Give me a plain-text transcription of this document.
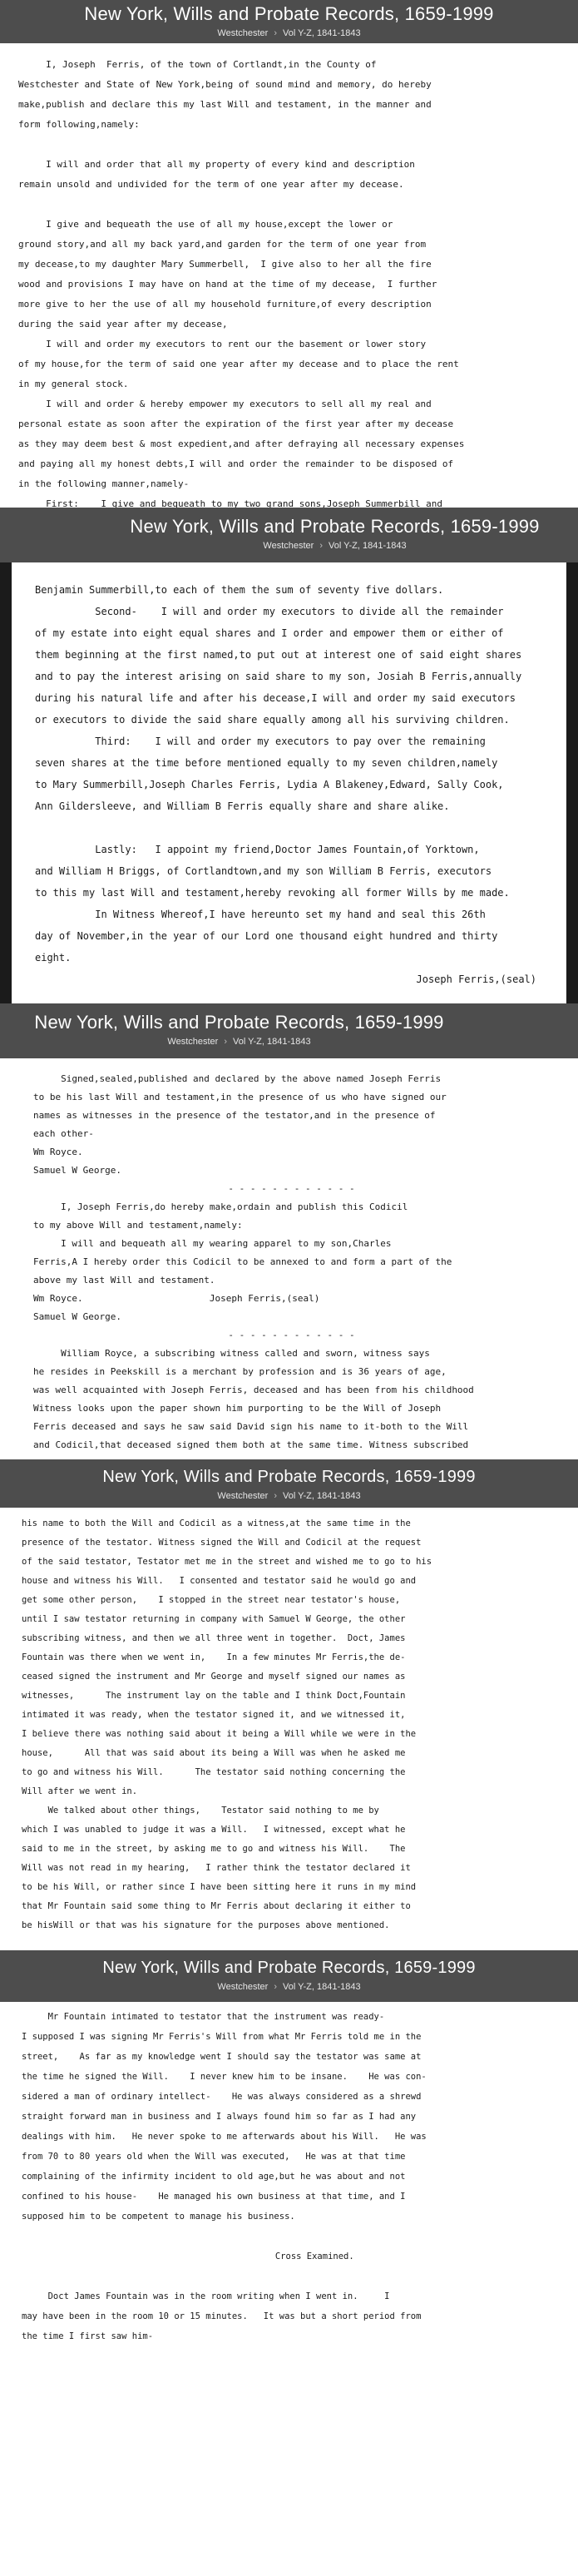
New York, Wills and Probate Records, 1659-1999
Westchester › Vol Y-Z, 1841-1843
I, Joseph  Ferris, of the town of Cortlandt,in the County of
Westchester and State of New York,being of sound mind and memory, do hereby
make,publish and declare this my last Will and testament, in the manner and
form following,namely:

I will and order that all my property of every kind and description
remain unsold and undivided for the term of one year after my decease.

I give and bequeath the use of all my house,except the lower or
ground story,and all my back yard,and garden for the term of one year from
my decease,to my daughter Mary Summerbell,  I give also to her all the fire
wood and provisions I may have on hand at the time of my decease,  I further
more give to her the use of all my household furniture,of every description
during the said year after my decease,
I will and order my executors to rent our the basement or lower story
of my house,for the term of said one year after my decease and to place the rent
in my general stock.
I will and order & hereby empower my executors to sell all my real and
personal estate as soon after the expiration of the first year after my decease
as they may deem best & most expedient,and after defraying all necessary expenses
and paying all my honest debts,I will and order the remainder to be disposed of
in the following manner,namely-
First:    I give and bequeath to my two grand sons,Joseph Summerbill and
New York, Wills and Probate Records, 1659-1999
Westchester › Vol Y-Z, 1841-1843
Benjamin Summerbill,to each of them the sum of seventy five dollars.
Second-    I will and order my executors to divide all the remainder
of my estate into eight equal shares and I order and empower them or either of
them beginning at the first named,to put out at interest one of said eight shares
and to pay the interest arising on said share to my son, Josiah B Ferris,annually
during his natural life and after his decease,I will and order my said executors
or executors to divide the said share equally among all his surviving children.
Third:    I will and order my executors to pay over the remaining
seven shares at the time before mentioned equally to my seven children,namely
to Mary Summerbill,Joseph Charles Ferris, Lydia A Blakeney,Edward, Sally Cook,
Ann Gildersleeve, and William B Ferris equally share and share alike.

Lastly:   I appoint my friend,Doctor James Fountain,of Yorktown,
and William H Briggs, of Cortlandtown,and my son William B Ferris, executors
to this my last Will and testament,hereby revoking all former Wills by me made.
In Witness Whereof,I have hereunto set my hand and seal this 26th
day of November,in the year of our Lord one thousand eight hundred and thirty
eight.
Joseph Ferris,(seal)
New York, Wills and Probate Records, 1659-1999
Westchester › Vol Y-Z, 1841-1843
Signed,sealed,published and declared by the above named Joseph Ferris
to be his last Will and testament,in the presence of us who have signed our
names as witnesses in the presence of the testator,and in the presence of
each other-
Wm Royce.
Samuel W George.
- - - - - - - - - - - -
I, Joseph Ferris,do hereby make,ordain and publish this Codicil
to my above Will and testament,namely:
I will and bequeath all my wearing apparel to my son,Charles
Ferris,A I hereby order this Codicil to be annexed to and form a part of the
above my last Will and testament.
Wm Royce.                       Joseph Ferris,(seal)
Samuel W George.
- - - - - - - - - - - -
William Royce, a subscribing witness called and sworn, witness says
he resides in Peekskill is a merchant by profession and is 36 years of age,
was well acquainted with Joseph Ferris, deceased and has been from his childhood
Witness looks upon the paper shown him purporting to be the Will of Joseph
Ferris deceased and says he saw said David sign his name to it-both to the Will
and Codicil,that deceased signed them both at the same time. Witness subscribed
New York, Wills and Probate Records, 1659-1999
Westchester › Vol Y-Z, 1841-1843
his name to both the Will and Codicil as a witness,at the same time in the
presence of the testator. Witness signed the Will and Codicil at the request
of the said testator, Testator met me in the street and wished me to go to his
house and witness his Will.   I consented and testator said he would go and
get some other person,    I stopped in the street near testator's house,
until I saw testator returning in company with Samuel W George, the other
subscribing witness, and then we all three went in together.  Doct, James
Fountain was there when we went in,    In a few minutes Mr Ferris,the de-
ceased signed the instrument and Mr George and myself signed our names as
witnesses,      The instrument lay on the table and I think Doct,Fountain
intimated it was ready, when the testator signed it, and we witnessed it,
I believe there was nothing said about it being a Will while we were in the
house,      All that was said about its being a Will was when he asked me
to go and witness his Will.      The testator said nothing concerning the
Will after we went in.
We talked about other things,    Testator said nothing to me by
which I was unabled to judge it was a Will.   I witnessed, except what he
said to me in the street, by asking me to go and witness his Will.    The
Will was not read in my hearing,   I rather think the testator declared it
to be his Will, or rather since I have been sitting here it runs in my mind
that Mr Fountain said some thing to Mr Ferris about declaring it either to
be hisWill or that was his signature for the purposes above mentioned.
New York, Wills and Probate Records, 1659-1999
Westchester › Vol Y-Z, 1841-1843
Mr Fountain intimated to testator that the instrument was ready-
I supposed I was signing Mr Ferris's Will from what Mr Ferris told me in the
street,    As far as my knowledge went I should say the testator was same at
the time he signed the Will.    I never knew him to be insane.    He was con-
sidered a man of ordinary intellect-    He was always considered as a shrewd
straight forward man in business and I always found him so far as I had any
dealings with him.   He never spoke to me afterwards about his Will.   He was
from 70 to 80 years old when the Will was executed,   He was at that time
complaining of the infirmity incident to old age,but he was about and not
confined to his house-    He managed his own business at that time, and I
supposed him to be competent to manage his business.

Cross Examined.

Doct James Fountain was in the room writing when I went in.     I
may have been in the room 10 or 15 minutes.   It was but a short period from
the time I first saw him-
